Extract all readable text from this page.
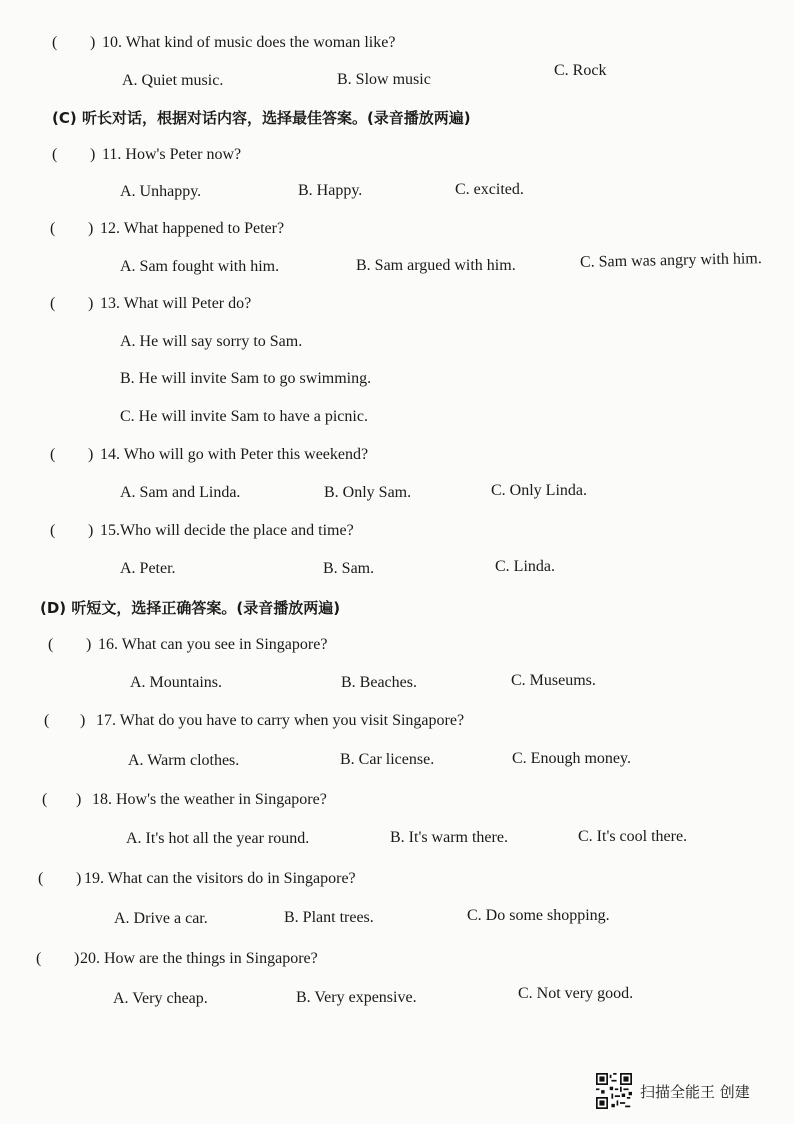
( ) 10. What kind of music does the woman like?
A. Quiet music.	B. Slow music
C. Rock
(C) 听长对话，根据对话内容，选择最佳答案。(录音播放两遍)
( ) 11. How's Peter now?
A. Unhappy.	B. Happy.	C. excited.
( ) 12. What happened to Peter?
A. Sam fought with him.	B. Sam argued with him.	C. Sam was angry with him.
( ) 13. What will Peter do?
A. He will say sorry to Sam.
B. He will invite Sam to go swimming.
C. He will invite Sam to have a picnic.
( ) 14. Who will go with Peter this weekend?
A. Sam and Linda.	B. Only Sam.	C. Only Linda.
( ) 15.Who will decide the place and time?
A. Peter.	B. Sam.	C. Linda.
(D) 听短文，选择正确答案。(录音播放两遍)
( ) 16. What can you see in Singapore?
A. Mountains.	B. Beaches.	C. Museums.
( ) 17. What do you have to carry when you visit Singapore?
A. Warm clothes.	B. Car license.	C. Enough money.
( ) 18. How's the weather in Singapore?
A. It's hot all the year round.	B. It's warm there.	C. It's cool there.
( ) 19. What can the visitors do in Singapore?
A. Drive a car.	B. Plant trees.	C. Do some shopping.
( ) 20. How are the things in Singapore?
A. Very cheap.	B. Very expensive.	C. Not very good.
扫描全能王 创建
